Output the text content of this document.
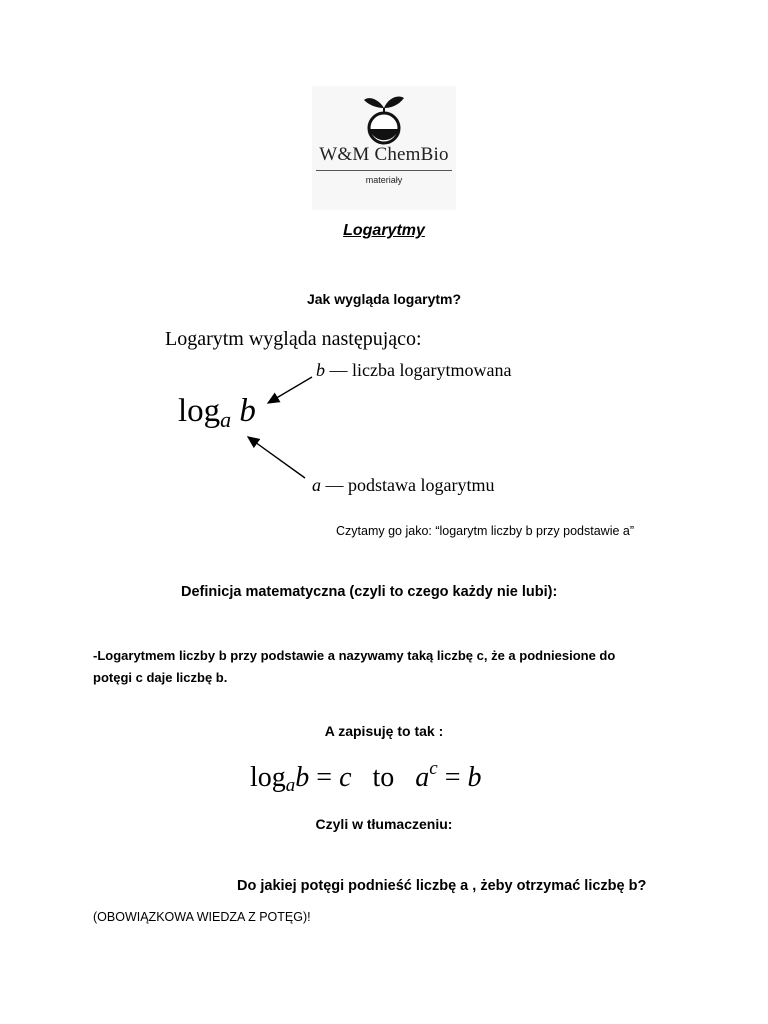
W&M ChemBio
materiały
Logarytmy
Jak wygląda logarytm?
Logarytm wygląda następująco:
b — liczba logarytmowana
$\log_a b$
a — podstawa logarytmu
Czytamy go jako: “logarytm liczby b przy podstawie a”
Definicja matematyczna (czyli to czego każdy nie lubi):
-Logarytmem liczby b przy podstawie a nazywamy taką liczbę c, że a podniesione do potęgi c daje liczbę b.
A zapisuję to tak :
$\log_ab = c$ to $a^c = b$
Czyli w tłumaczeniu:
Do jakiej potęgi podnieść liczbę a , żeby otrzymać liczbę b?
(OBOWIĄZKOWA WIEDZA Z POTĘG)!
